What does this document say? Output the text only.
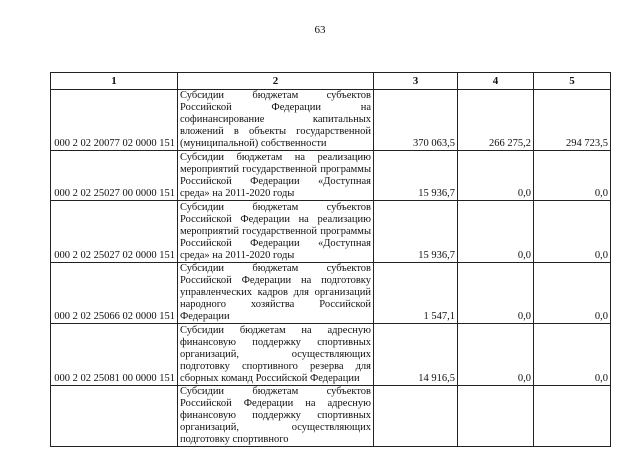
63
1	2	3	4	5
000 2 02 20077 02 0000 151	Субсидии бюджетам субъектов Российской Федерации на софинансирование капитальных вложений в объекты государственной (муниципальной) собственности	370 063,5	266 275,2	294 723,5
000 2 02 25027 00 0000 151	Субсидии бюджетам на реализацию мероприятий государственной программы Российской Федерации «Доступная среда» на 2011-2020 годы	15 936,7	0,0	0,0
000 2 02 25027 02 0000 151	Субсидии бюджетам субъектов Российской Федерации на реализацию мероприятий государственной программы Российской Федерации «Доступная среда» на 2011-2020 годы	15 936,7	0,0	0,0
000 2 02 25066 02 0000 151	Субсидии бюджетам субъектов Российской Федерации на подготовку управленческих кадров для организаций народного хозяйства Российской Федерации	1 547,1	0,0	0,0
000 2 02 25081 00 0000 151	Субсидии бюджетам на адресную финансовую поддержку спортивных организаций, осуществляющих подготовку спортивного резерва для сборных команд Российской Федерации	14 916,5	0,0	0,0
	Субсидии бюджетам субъектов Российской Федерации на адресную финансовую поддержку спортивных организаций, осуществляющих подготовку спортивного			
